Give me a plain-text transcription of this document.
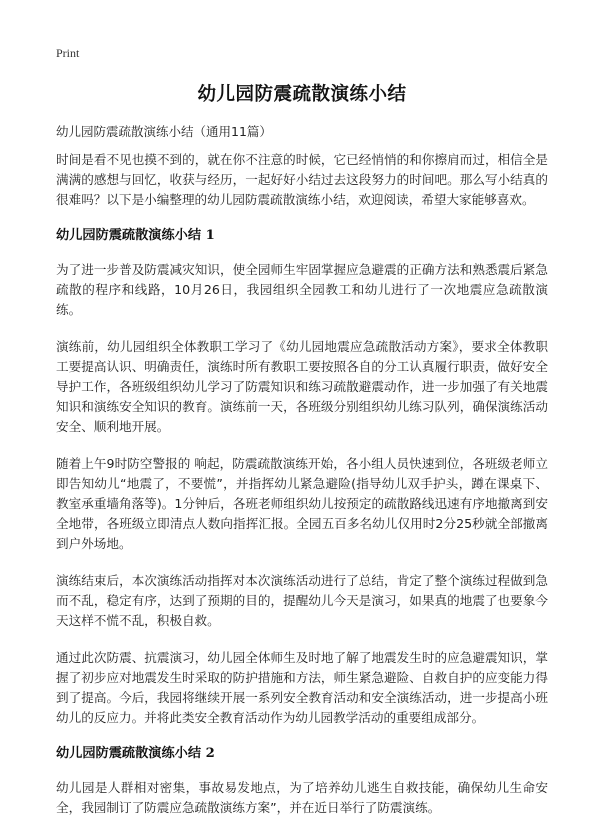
Print
幼儿园防震疏散演练小结
幼儿园防震疏散演练小结（通用11篇）

时间是看不见也摸不到的，就在你不注意的时候，它已经悄悄的和你擦肩而过，相信全是满满的感想与回忆，收获与经历，一起好好小结过去这段努力的时间吧。那么写小结真的很难吗？以下是小编整理的幼儿园防震疏散演练小结，欢迎阅读，希望大家能够喜欢。

幼儿园防震疏散演练小结 1

为了进一步普及防震减灾知识，使全园师生牢固掌握应急避震的正确方法和熟悉震后紧急疏散的程序和线路，10月26日，我园组织全园教工和幼儿进行了一次地震应急疏散演练。

演练前，幼儿园组织全体教职工学习了《幼儿园地震应急疏散活动方案》，要求全体教职工要提高认识、明确责任，演练时所有教职工要按照各自的分工认真履行职责，做好安全导护工作，各班级组织幼儿学习了防震知识和练习疏散避震动作，进一步加强了有关地震知识和演练安全知识的教育。演练前一天，各班级分别组织幼儿练习队列，确保演练活动安全、顺利地开展。

随着上午9时防空警报的 响起，防震疏散演练开始，各小组人员快速到位，各班级老师立即告知幼儿“地震了，不要慌”，并指挥幼儿紧急避险(指导幼儿双手护头，蹲在课桌下、教室承重墙角落等)。1分钟后，各班老师组织幼儿按预定的疏散路线迅速有序地撤离到安全地带，各班级立即清点人数向指挥汇报。全园五百多名幼儿仅用时2分25秒就全部撤离到户外场地。

演练结束后，本次演练活动指挥对本次演练活动进行了总结，肯定了整个演练过程做到急而不乱，稳定有序，达到了预期的目的，提醒幼儿今天是演习，如果真的地震了也要象今天这样不慌不乱，积极自救。

通过此次防震、抗震演习，幼儿园全体师生及时地了解了地震发生时的应急避震知识，掌握了初步应对地震发生时采取的防护措施和方法，师生紧急避险、自救自护的应变能力得到了提高。今后，我园将继续开展一系列安全教育活动和安全演练活动，进一步提高小班幼儿的反应力。并将此类安全教育活动作为幼儿园教学活动的重要组成部分。

幼儿园防震疏散演练小结 2

幼儿园是人群相对密集，事故易发地点，为了培养幼儿逃生自救技能，确保幼儿生命安全，我园制订了防震应急疏散演练方案”，并在近日举行了防震演练。
